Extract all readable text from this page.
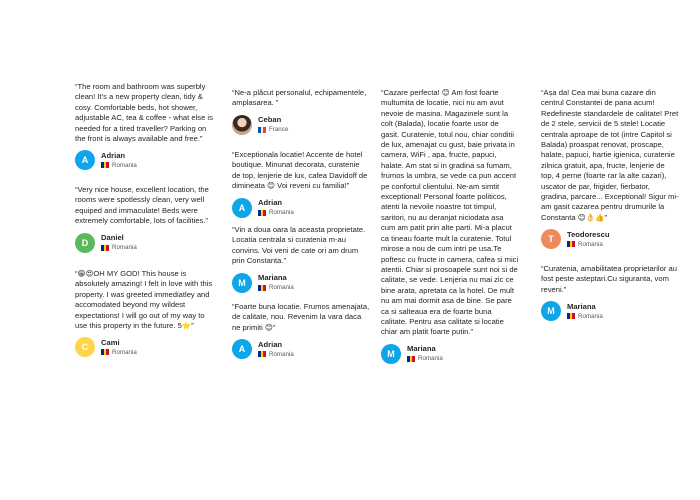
“The room and bathroom was superbly clean! It’s a new property clean, tidy & cosy. Comfortable beds, hot shower, adjustable AC, tea & coffee - what else is needed for a tired traveller? Parking on the front is always available and free.”

A	Adrian
Romania

“Very nice house, excellent location, the rooms were spotlessly clean, very well equiped and immaculate! Beds were extremely comfortable, lots of facilities.”

D	Daniel
Romania

“😁😍OH MY GOD! This house is absolutely amazing! I felt in love with this property. I was greeted immediatley and accomodated beyond my wildest expectations! I will go out of my way to use this property in the future. 5⭐”

C	Cami
Romania

“Ne-a plăcut personalul, echipamentele, amplasarea. ”

Ceban
France

“Exceptionala locatie! Accente de hotel boutique. Minunat decorata, curatenie de top, lenjerie de lux, cafea Davidoff de dimineata 😊 Voi reveni cu familia!”

A	Adrian
Romania

“Vin a doua oara la aceasta proprietate. Locatia centrala si curatenia m-au convins. Voi veni de cate ori am drum prin Constanta.”

M	Mariana
Romania

“Foarte buna locatie. Frumos amenajata, de calitate, nou. Revenim la vara daca ne primiti 😊”

A	Adrian
Romania

“Cazare perfecta! 😊 Am fost foarte multumita de locatie, nici nu am avut nevoie de masina. Magazinele sunt la colt (Balada), locatie foarte usor de gasit. Curatenie, totul nou, chiar conditii de lux, amenajat cu gust, baie privata in camera, WiFi , apa, fructe, papuci, halate. Am stat si in gradina sa fumam, frumos la umbra, se vede ca pun accent pe confortul clientului. Ne-am simtit exceptional! Personal foarte politicos, atenti la nevoile noastre tot timpul, saritori, nu au deranjat niciodata asa cum am patit prin alte parti. Mi-a placut ca tineau foarte mult la curatenie. Totul mirose a nou de cum intri pe usa.Te poftesc cu fructe in camera, cafea si mici atentii. Chiar si prosoapele sunt noi si de calitate, se vede. Lenjeria nu mai zic ce bine arata, apretata ca la hotel. De mult nu am mai dormit asa de bine. Se pare ca si salteaua era de foarte buna calitate. Pentru asa calitate si locatie chiar am platit foarte putin.”

M	Mariana
Romania

“Așa da! Cea mai buna cazare din centrul Constantei de pana acum! Redefineste standardele de calitate! Pret de 2 stele, servicii de 5 stele! Locatie centrala aproape de tot (intre Capitol si Balada) proaspat renovat, proscape, halate, papuci, hartie igienica, curatenie zilnica gratuit, apa, fructe, lenjerie de top, 4 perne (foarte rar la alte cazari), uscator de par, frigider, fierbator, gradina, parcare... Exceptional! Sigur mi-am gasit cazarea pentru drumurile la Constanta 😊👌👍”

T	Teodorescu
Romania

“Curatenia, amabilitatea proprietarilor au fost peste asteptari.Cu siguranta, vom reveni.”

M	Mariana
Romania
